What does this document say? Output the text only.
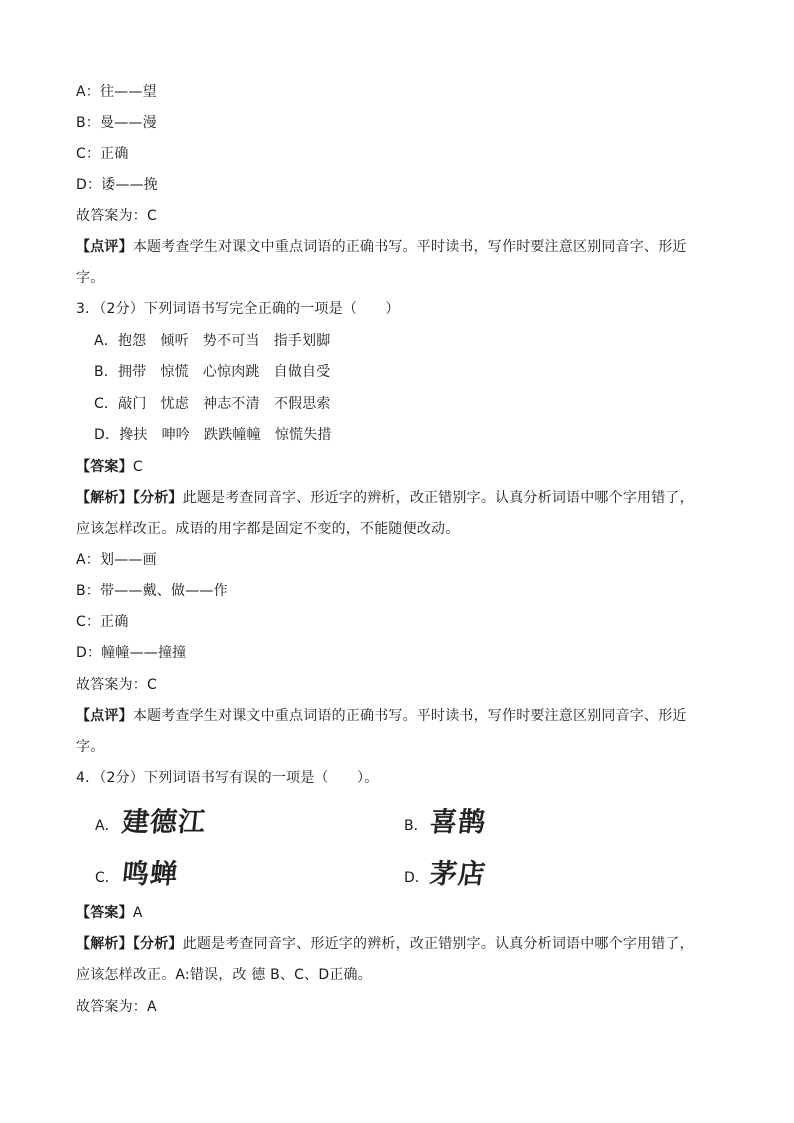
A：往——望
B：曼——漫
C：正确
D：诿——挽
故答案为：C
【点评】本题考查学生对课文中重点词语的正确书写。平时读书，写作时要注意区别同音字、形近
字。
3．（2分）下列词语书写完全正确的一项是（　　）
A．抱怨 倾听 势不可当 指手划脚
B．拥带 惊慌 心惊肉跳 自做自受
C．敲门 忧虑 神志不清 不假思索
D．搀扶 呻吟 跌跌幢幢 惊慌失措
【答案】C
【解析】【分析】此题是考查同音字、形近字的辨析，改正错别字。认真分析词语中哪个字用错了，
应该怎样改正。成语的用字都是固定不变的，不能随便改动。
A：划——画
B：带——戴、做——作
C：正确
D：幢幢——撞撞
故答案为：C
【点评】本题考查学生对课文中重点词语的正确书写。平时读书，写作时要注意区别同音字、形近
字。
4．（2分）下列词语书写有误的一项是（　　）。
A． 建德江	B． 喜鹊
C． 鸣蝉	D． 茅店
【答案】A
【解析】【分析】此题是考查同音字、形近字的辨析，改正错别字。认真分析词语中哪个字用错了，
应该怎样改正。A:错误，改 德 B、C、D正确。
故答案为：A
